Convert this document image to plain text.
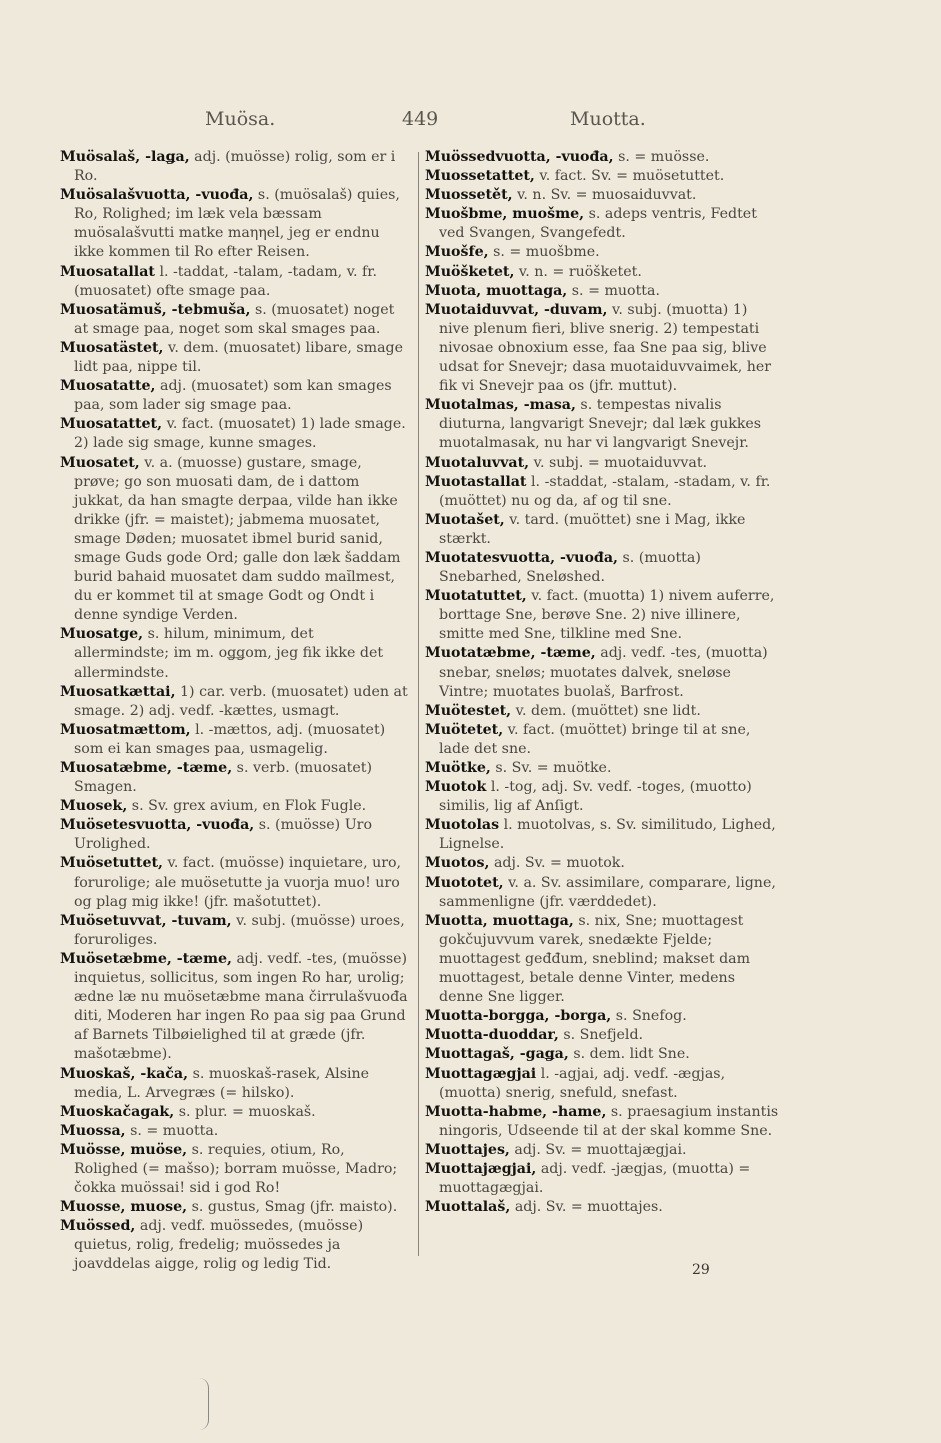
Muösa.	449	Muotta.

Muösalaš, -laǥa, adj. (muösse) rolig, som er i Ro.

Muösalašvuotta, -vuođa, s. (muösalaš) quies, Ro, Rolighed; im læk vela bæssam muösalašvutti matke maηηel, jeg er endnu ikke kommen til Ro efter Reisen.

Muosatallat l. -taddat, -talam, -tadam, v. fr. (muosatet) ofte smage paa.

Muosatämuš, -tebmuša, s. (muosatet) noget at smage paa, noget som skal smages paa.

Muosatästet, v. dem. (muosatet) libare, smage lidt paa, nippe til.

Muosatatte, adj. (muosatet) som kan smages paa, som lader sig smage paa.

Muosatattet, v. fact. (muosatet) 1) lade smage. 2) lade sig smage, kunne smages.

Muosatet, v. a. (muosse) gustare, smage, prøve; go son muosati dam, de i dattom jukkat, da han smagte derpaa, vilde han ikke drikke (jfr. = maistet); jabmema muosatet, smage Døden; muosatet ibmel burid sanid, smage Guds gode Ord; galle don læk šaddam burid bahaid muosatet dam suddo maĭlmest, du er kommet til at smage Godt og Ondt i denne syndige Verden.

Muosatge, s. hilum, minimum, det allermindste; im m. oǥǥom, jeg fik ikke det allermindste.

Muosatkættai, 1) car. verb. (muosatet) uden at smage. 2) adj. vedf. -kættes, usmagt.

Muosatmættom, l. -mættos, adj. (muosatet) som ei kan smages paa, usmagelig.

Muosatæbme, -tæme, s. verb. (muosatet) Smagen.

Muosek, s. Sv. grex avium, en Flok Fugle.

Muösetesvuotta, -vuođa, s. (muösse) Uro Urolighed.

Muösetuttet, v. fact. (muösse) inquietare, uro, forurolige; ale muösetutte ja vuorja muo! uro og plag mig ikke! (jfr. mašotuttet).

Muösetuvvat, -tuvam, v. subj. (muösse) uroes, foruroliges.

Muösetæbme, -tæme, adj. vedf. -tes, (muösse) inquietus, sollicitus, som ingen Ro har, urolig; ædne læ nu muösetæbme mana čirrulašvuođa diti, Moderen har ingen Ro paa sig paa Grund af Barnets Tilbøielighed til at græde (jfr. mašotæbme).

Muoskaš, -kača, s. muoskaš-rasek, Alsine media, L. Arvegræs (= hilsko).

Muoskačagak, s. plur. = muoskaš.

Muossa, s. = muotta.

Muösse, muöse, s. requies, otium, Ro, Rolighed (= mašso); borram muösse, Madro; čokka muössai! sid i god Ro!

Muosse, muose, s. gustus, Smag (jfr. maisto).

Muössed, adj. vedf. muössedes, (muösse) quietus, rolig, fredelig; muössedes ja joavddelas aigge, rolig og ledig Tid.

Muössedvuotta, -vuođa, s. = muösse.

Muossetattet, v. fact. Sv. = muösetuttet.

Muossetět, v. n. Sv. = muosaiduvvat.

Muošbme, muošme, s. adeps ventris, Fedtet ved Svangen, Svangefedt.

Muošfe, s. = muošbme.

Muöšketet, v. n. = ruöšketet.

Muota, muottaga, s. = muotta.

Muotaiduvvat, -duvam, v. subj. (muotta) 1) nive plenum fieri, blive snerig. 2) tempestati nivosae obnoxium esse, faa Sne paa sig, blive udsat for Snevejr; dasa muotaiduvvaimek, her fik vi Snevejr paa os (jfr. muttut).

Muotalmas, -masa, s. tempestas nivalis diuturna, langvarigt Snevejr; dal læk gukkes muotalmasak, nu har vi langvarigt Snevejr.

Muotaluvvat, v. subj. = muotaiduvvat.

Muotastallat l. -staddat, -stalam, -stadam, v. fr. (muöttet) nu og da, af og til sne.

Muotašet, v. tard. (muöttet) sne i Mag, ikke stærkt.

Muotatesvuotta, -vuođa, s. (muotta) Snebarhed, Sneløshed.

Muotatuttet, v. fact. (muotta) 1) nivem auferre, borttage Sne, berøve Sne. 2) nive illinere, smitte med Sne, tilkline med Sne.

Muotatæbme, -tæme, adj. vedf. -tes, (muotta) snebar, sneløs; muotates dalvek, sneløse Vintre; muotates buolaš, Barfrost.

Muötestet, v. dem. (muöttet) sne lidt.

Muötetet, v. fact. (muöttet) bringe til at sne, lade det sne.

Muötke, s. Sv. = muötke.

Muotok l. -tog, adj. Sv. vedf. -toges, (muotto) similis, lig af Anſigt.

Muotolas l. muotolvas, s. Sv. similitudo, Lighed, Lignelse.

Muotos, adj. Sv. = muotok.

Muototet, v. a. Sv. assimilare, comparare, ligne, sammenligne (jfr. værddedet).

Muotta, muottaga, s. nix, Sne; muottagest gokčujuvvum varek, snedækte Fjelde; muottagest geđđum, sneblind; makset dam muottagest, betale denne Vinter, medens denne Sne ligger.

Muotta-borgga, -borga, s. Snefog.

Muotta-duoddar, s. Snefjeld.

Muottagaš, -gaǥa, s. dem. lidt Sne.

Muottagægjai l. -agjai, adj. vedf. -ægjas, (muotta) snerig, snefuld, snefast.

Muotta-habme, -hame, s. praesagium instantis ningoris, Udseende til at der skal komme Sne.

Muottajes, adj. Sv. = muottajægjai.

Muottajægjai, adj. vedf. -jægjas, (muotta) = muottagægjai.

Muottalaš, adj. Sv. = muottajes.

29
